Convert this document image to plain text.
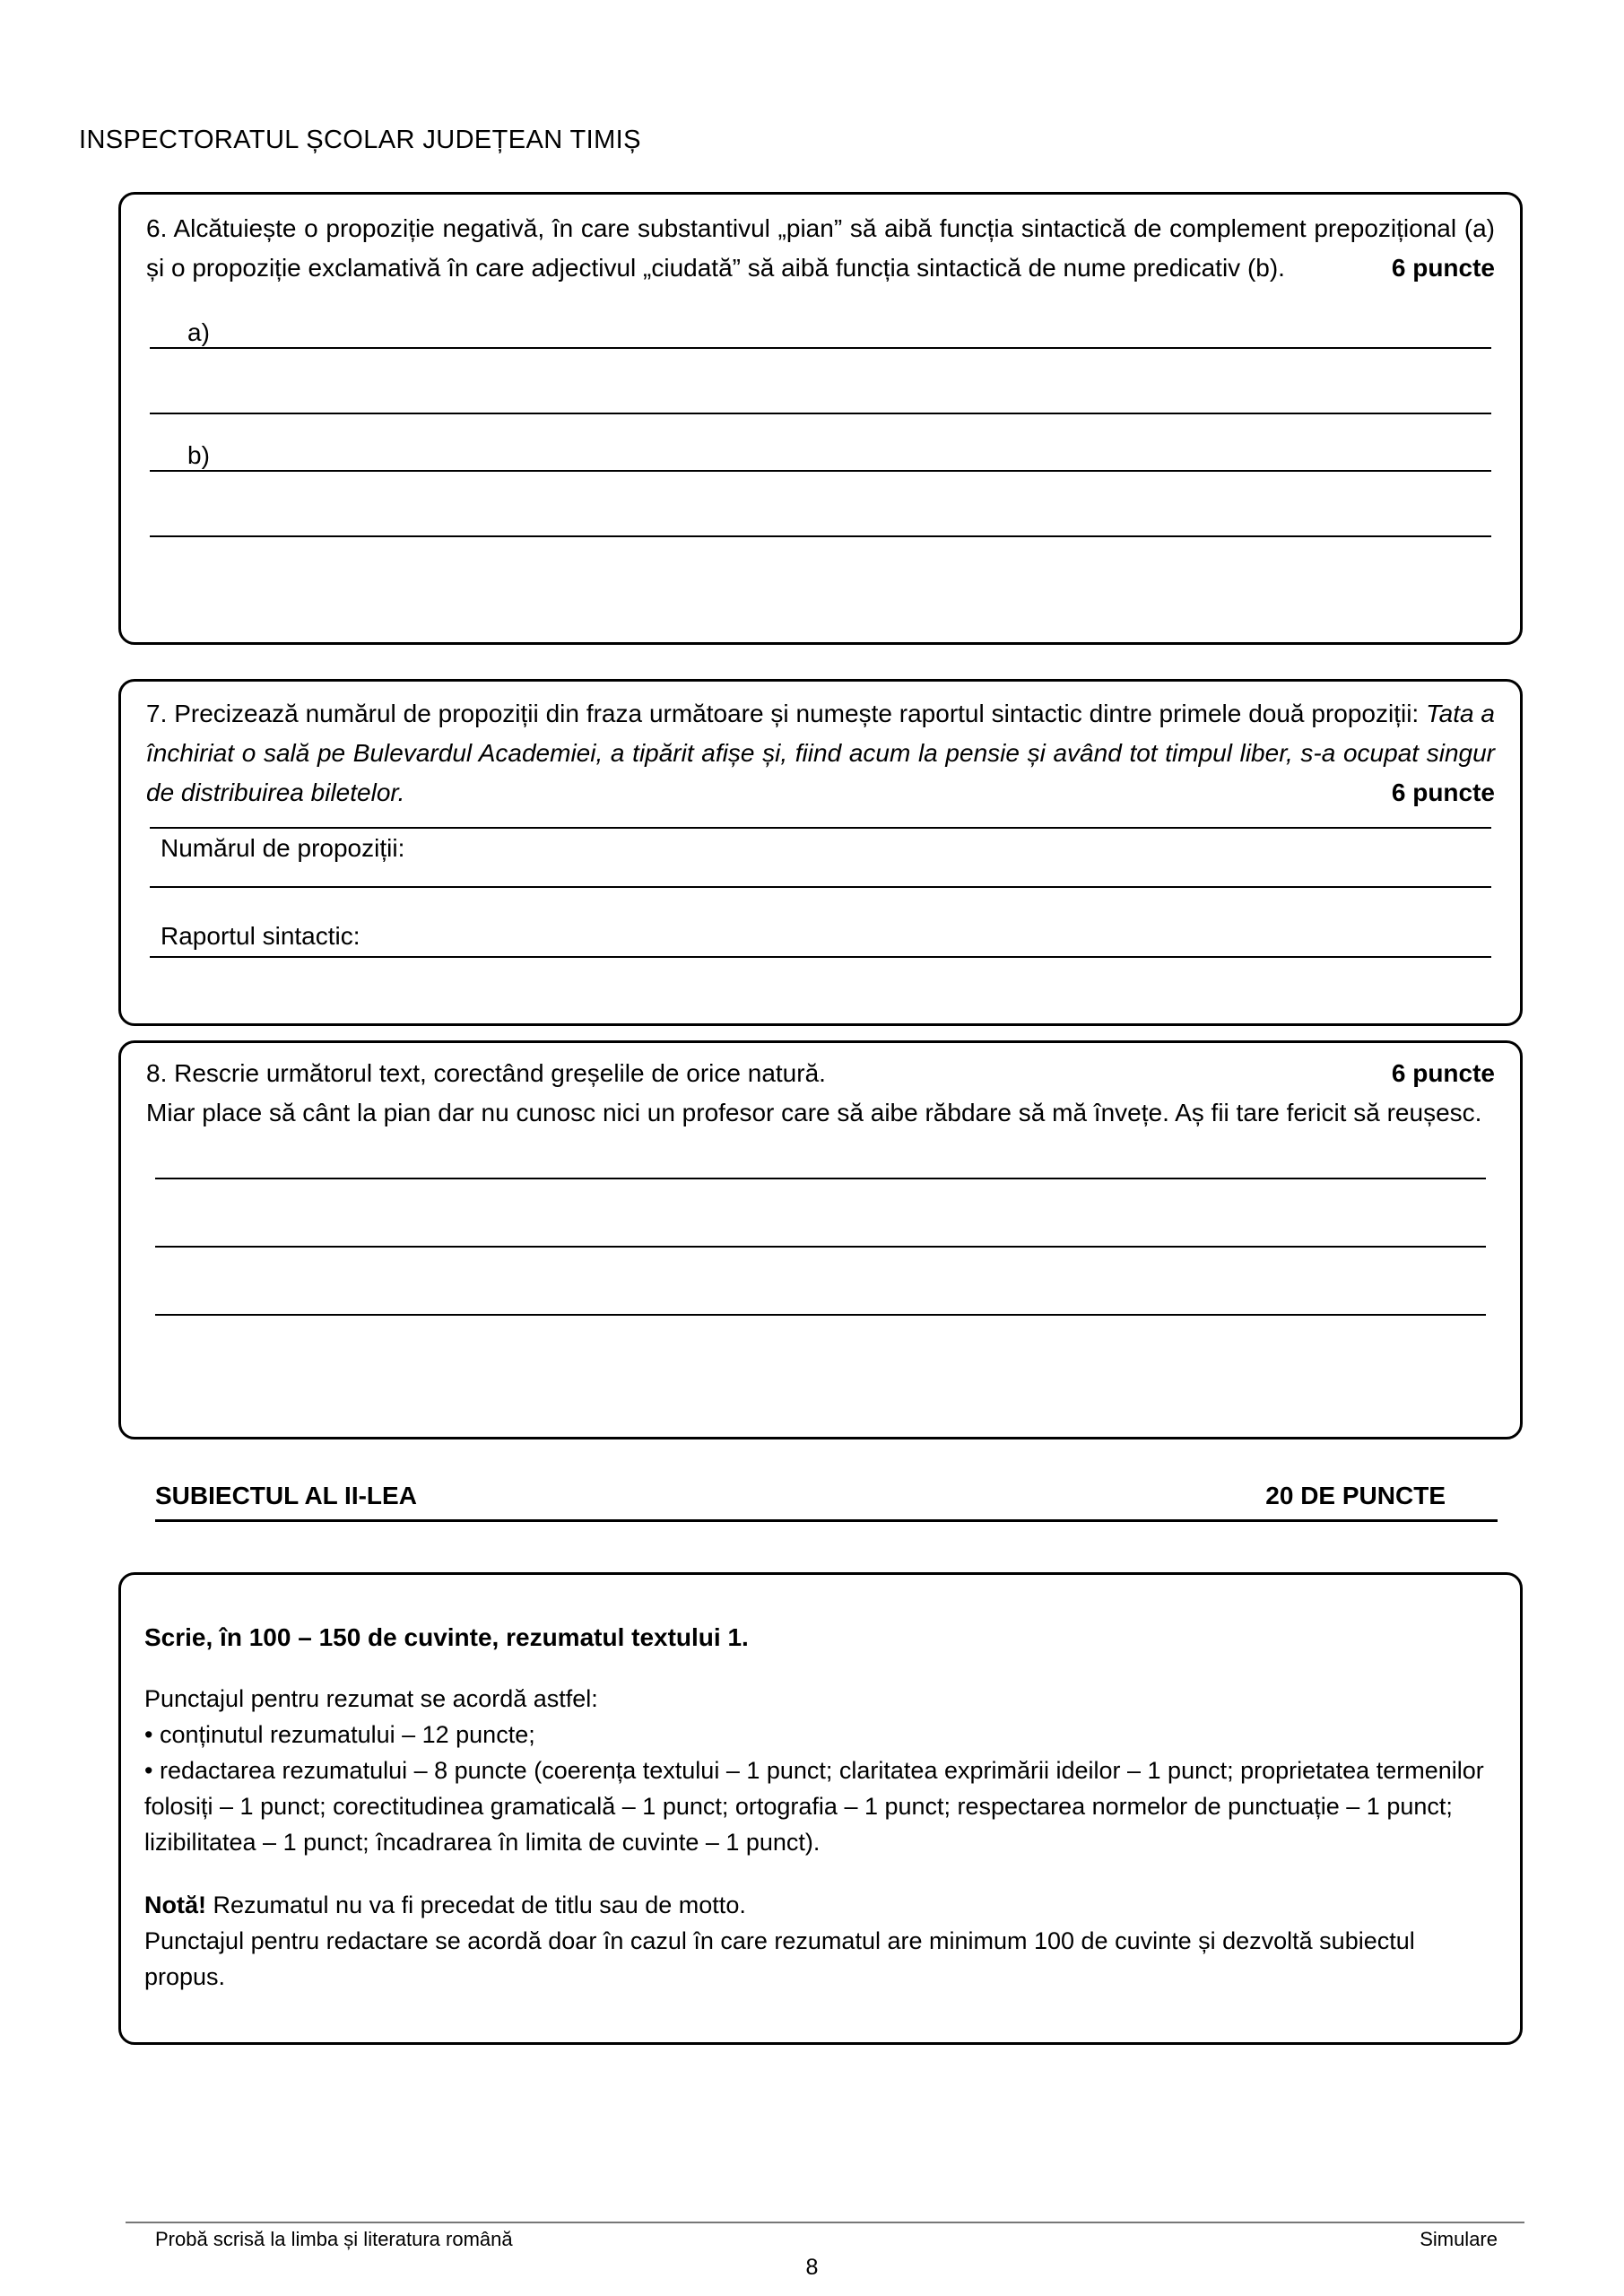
INSPECTORATUL ȘCOLAR JUDEȚEAN TIMIȘ
6. Alcătuiește o propoziție negativă, în care substantivul „pian” să aibă funcția sintactică de complement prepozițional (a) și o propoziție exclamativă în care adjectivul „ciudată” să aibă funcția sintactică de nume predicativ (b).	6 puncte
a)
b)
7. Precizează numărul de propoziții din fraza următoare și numește raportul sintactic dintre primele două propoziții: Tata a închiriat o sală pe Bulevardul Academiei, a tipărit afișe și, fiind acum la pensie și având tot timpul liber, s-a ocupat singur de distribuirea biletelor.	6 puncte
Numărul de propoziții:
Raportul sintactic:
8. Rescrie următorul text, corectând greșelile de orice natură.	6 puncte
Miar place să cânt la pian dar nu cunosc nici un profesor care să aibe răbdare să mă învețe. Aș fii tare fericit să reușesc.
SUBIECTUL AL II-LEA	20 DE PUNCTE
Scrie, în 100 – 150 de cuvinte, rezumatul textului 1.
Punctajul pentru rezumat se acordă astfel:
• conținutul rezumatului – 12 puncte;
• redactarea rezumatului – 8 puncte (coerența textului – 1 punct; claritatea exprimării ideilor – 1 punct; proprietatea termenilor folosiți – 1 punct; corectitudinea gramaticală – 1 punct; ortografia – 1 punct; respectarea normelor de punctuație – 1 punct; lizibilitatea – 1 punct; încadrarea în limita de cuvinte – 1 punct).
Notă! Rezumatul nu va fi precedat de titlu sau de motto.
Punctajul pentru redactare se acordă doar în cazul în care rezumatul are minimum 100 de cuvinte și dezvoltă subiectul propus.
Probă scrisă la limba și literatura română	Simulare
8
